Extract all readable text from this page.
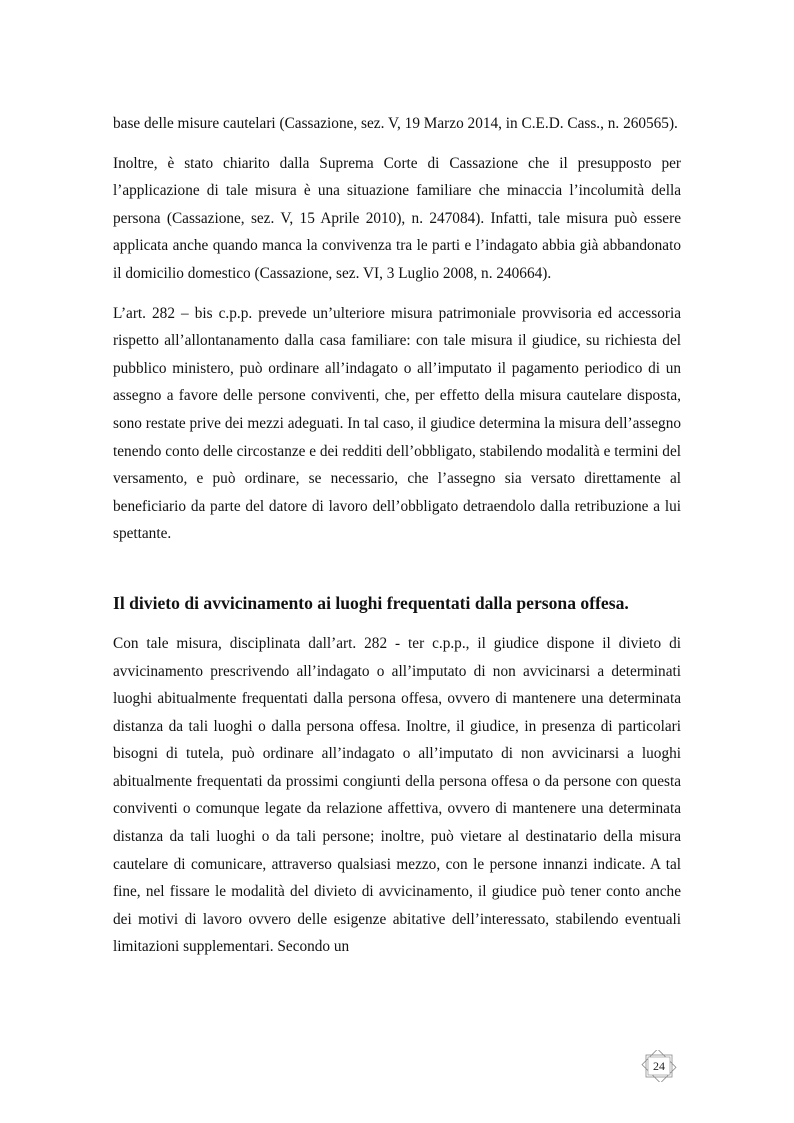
base delle misure cautelari (Cassazione, sez. V, 19 Marzo 2014, in C.E.D. Cass., n. 260565).

Inoltre, è stato chiarito dalla Suprema Corte di Cassazione che il presupposto per l’applicazione di tale misura è una situazione familiare che minaccia l’incolumità della persona (Cassazione, sez. V, 15 Aprile 2010), n. 247084). Infatti, tale misura può essere applicata anche quando manca la convivenza tra le parti e l’indagato abbia già abbandonato il domicilio domestico (Cassazione, sez. VI, 3 Luglio 2008, n. 240664).

L’art. 282 – bis c.p.p. prevede un’ulteriore misura patrimoniale provvisoria ed accessoria rispetto all’allontanamento dalla casa familiare: con tale misura il giudice, su richiesta del pubblico ministero, può ordinare all’indagato o all’imputato il pagamento periodico di un assegno a favore delle persone conviventi, che, per effetto della misura cautelare disposta, sono restate prive dei mezzi adeguati. In tal caso, il giudice determina la misura dell’assegno tenendo conto delle circostanze e dei redditi dell’obbligato, stabilendo modalità e termini del versamento, e può ordinare, se necessario, che l’assegno sia versato direttamente al beneficiario da parte del datore di lavoro dell’obbligato detraendolo dalla retribuzione a lui spettante.

Il divieto di avvicinamento ai luoghi frequentati dalla persona offesa.

Con tale misura, disciplinata dall’art. 282 - ter c.p.p., il giudice dispone il divieto di avvicinamento prescrivendo all’indagato o all’imputato di non avvicinarsi a determinati luoghi abitualmente frequentati dalla persona offesa, ovvero di mantenere una determinata distanza da tali luoghi o dalla persona offesa. Inoltre, il giudice, in presenza di particolari bisogni di tutela, può ordinare all’indagato o all’imputato di non avvicinarsi a luoghi abitualmente frequentati da prossimi congiunti della persona offesa o da persone con questa conviventi o comunque legate da relazione affettiva, ovvero di mantenere una determinata distanza da tali luoghi o da tali persone; inoltre, può vietare al destinatario della misura cautelare di comunicare, attraverso qualsiasi mezzo, con le persone innanzi indicate. A tal fine, nel fissare le modalità del divieto di avvicinamento, il giudice può tener conto anche dei motivi di lavoro ovvero delle esigenze abitative dell’interessato, stabilendo eventuali limitazioni supplementari. Secondo un

24
